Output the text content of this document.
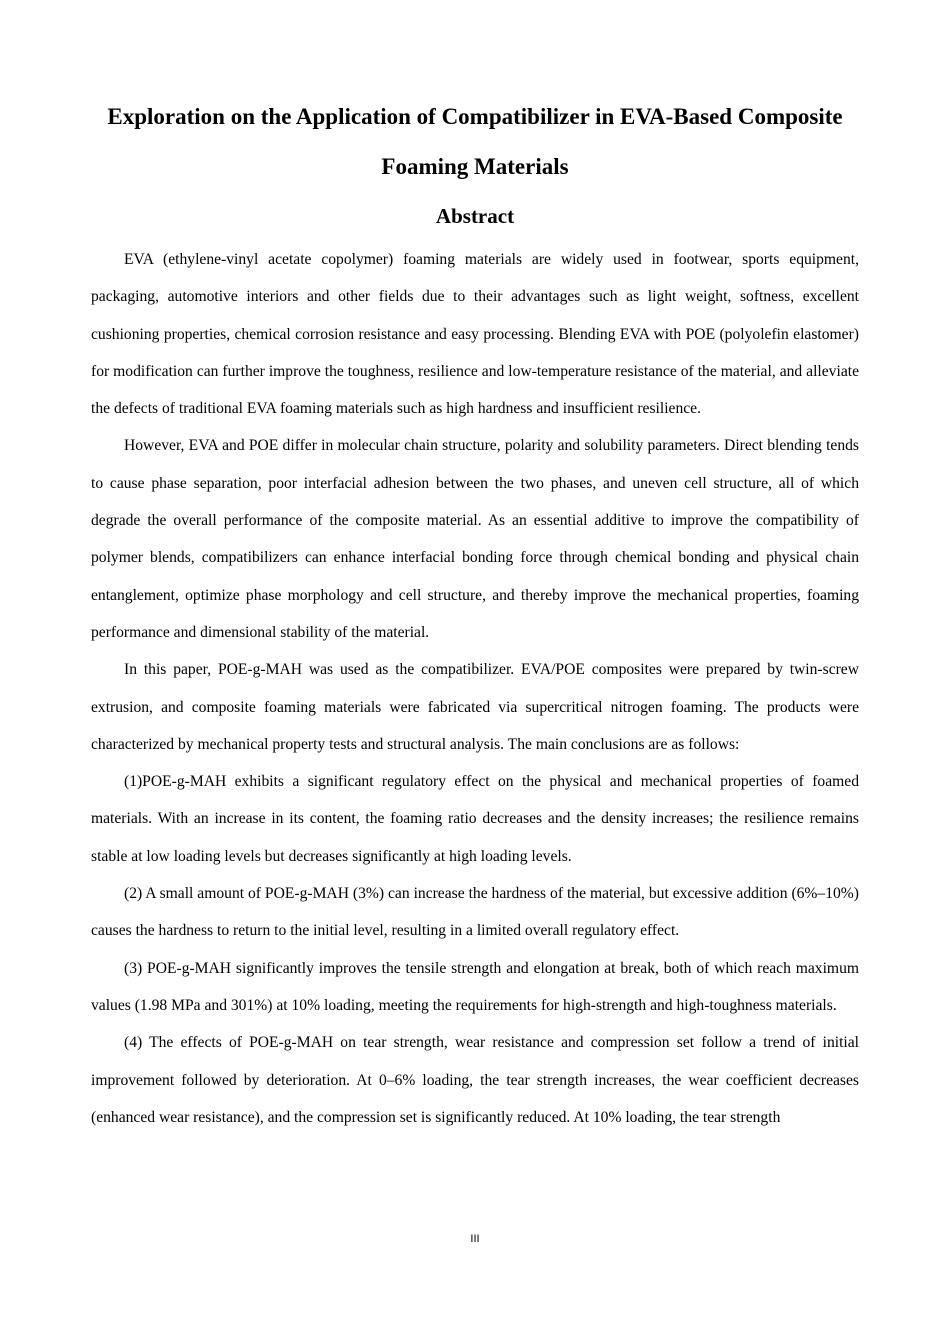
Exploration on the Application of Compatibilizer in EVA-Based Composite
Foaming Materials
Abstract

EVA (ethylene-vinyl acetate copolymer) foaming materials are widely used in footwear, sports equipment, packaging, automotive interiors and other fields due to their advantages such as light weight, softness, excellent cushioning properties, chemical corrosion resistance and easy processing. Blending EVA with POE (polyolefin elastomer) for modification can further improve the toughness, resilience and low-temperature resistance of the material, and alleviate the defects of traditional EVA foaming materials such as high hardness and insufficient resilience.

However, EVA and POE differ in molecular chain structure, polarity and solubility parameters. Direct blending tends to cause phase separation, poor interfacial adhesion between the two phases, and uneven cell structure, all of which degrade the overall performance of the composite material. As an essential additive to improve the compatibility of polymer blends, compatibilizers can enhance interfacial bonding force through chemical bonding and physical chain entanglement, optimize phase morphology and cell structure, and thereby improve the mechanical properties, foaming performance and dimensional stability of the material.

In this paper, POE-g-MAH was used as the compatibilizer. EVA/POE composites were prepared by twin-screw extrusion, and composite foaming materials were fabricated via supercritical nitrogen foaming. The products were characterized by mechanical property tests and structural analysis. The main conclusions are as follows:

(1)POE-g-MAH exhibits a significant regulatory effect on the physical and mechanical properties of foamed materials. With an increase in its content, the foaming ratio decreases and the density increases; the resilience remains stable at low loading levels but decreases significantly at high loading levels.

(2) A small amount of POE-g-MAH (3%) can increase the hardness of the material, but excessive addition (6%–10%) causes the hardness to return to the initial level, resulting in a limited overall regulatory effect.

(3) POE-g-MAH significantly improves the tensile strength and elongation at break, both of which reach maximum values (1.98 MPa and 301%) at 10% loading, meeting the requirements for high-strength and high-toughness materials.

(4) The effects of POE-g-MAH on tear strength, wear resistance and compression set follow a trend of initial improvement followed by deterioration. At 0–6% loading, the tear strength increases, the wear coefficient decreases (enhanced wear resistance), and the compression set is significantly reduced. At 10% loading, the tear strength

III
